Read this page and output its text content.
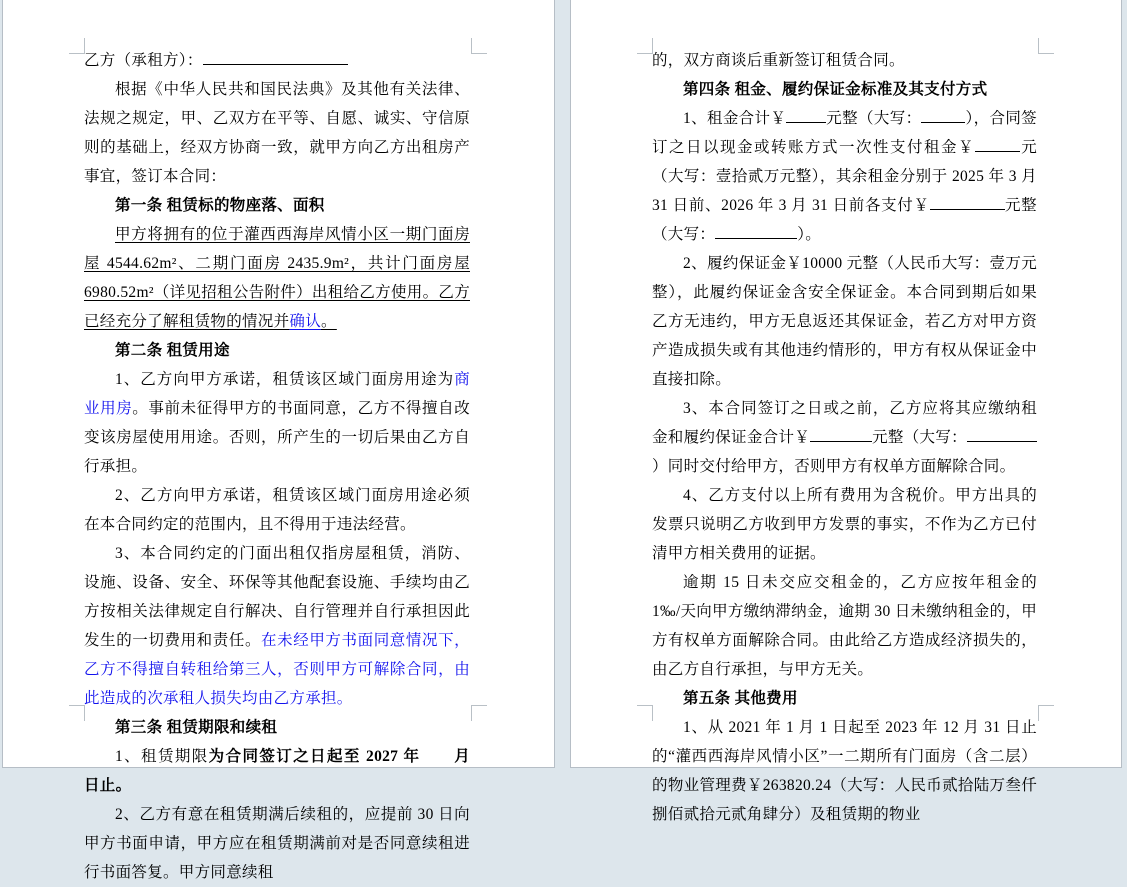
乙方（承租方）：

根据《中华人民共和国民法典》及其他有关法律、法规之规定，甲、乙双方在平等、自愿、诚实、守信原则的基础上，经双方协商一致，就甲方向乙方出租房产事宜，签订本合同：

第一条 租赁标的物座落、面积

甲方将拥有的位于灌西西海岸风情小区一期门面房屋 4544.62m²、二期门面房 2435.9m²，共计门面房屋 6980.52m²（详见招租公告附件）出租给乙方使用。乙方已经充分了解租赁物的情况并确认。

第二条 租赁用途

1、乙方向甲方承诺，租赁该区域门面房用途为商业用房。事前未征得甲方的书面同意，乙方不得擅自改变该房屋使用用途。否则，所产生的一切后果由乙方自行承担。

2、乙方向甲方承诺，租赁该区域门面房用途必须在本合同约定的范围内，且不得用于违法经营。

3、本合同约定的门面出租仅指房屋租赁，消防、设施、设备、安全、环保等其他配套设施、手续均由乙方按相关法律规定自行解决、自行管理并自行承担因此发生的一切费用和责任。在未经甲方书面同意情况下，乙方不得擅自转租给第三人，否则甲方可解除合同，由此造成的次承租人损失均由乙方承担。

第三条 租赁期限和续租

1、租赁期限为合同签订之日起至 2027 年　　月　　日止。

2、乙方有意在租赁期满后续租的，应提前 30 日向甲方书面申请，甲方应在租赁期满前对是否同意续租进行书面答复。甲方同意续租

的，双方商谈后重新签订租赁合同。

第四条 租金、履约保证金标准及其支付方式

1、租金合计￥	元整（大写：	），合同签订之日以现金或转账方式一次性支付租金￥	元（大写：壹拾贰万元整），其余租金分别于 2025 年 3 月 31 日前、2026 年 3 月 31 日前各支付￥	元整（大写：	）。

2、履约保证金￥10000 元整（人民币大写：壹万元整），此履约保证金含安全保证金。本合同到期后如果乙方无违约，甲方无息返还其保证金，若乙方对甲方资产造成损失或有其他违约情形的，甲方有权从保证金中直接扣除。

3、本合同签订之日或之前，乙方应将其应缴纳租金和履约保证金合计￥	元整（大写：）同时交付给甲方，否则甲方有权单方面解除合同。

4、乙方支付以上所有费用为含税价。甲方出具的发票只说明乙方收到甲方发票的事实，不作为乙方已付清甲方相关费用的证据。

逾期 15 日未交应交租金的，乙方应按年租金的 1‰/天向甲方缴纳滞纳金，逾期 30 日未缴纳租金的，甲方有权单方面解除合同。由此给乙方造成经济损失的，由乙方自行承担，与甲方无关。

第五条 其他费用

1、从 2021 年 1 月 1 日起至 2023 年 12 月 31 日止的“灌西西海岸风情小区”一二期所有门面房（含二层）的物业管理费￥263820.24（大写：人民币贰拾陆万叁仟捌佰贰拾元贰角肆分）及租赁期的物业
